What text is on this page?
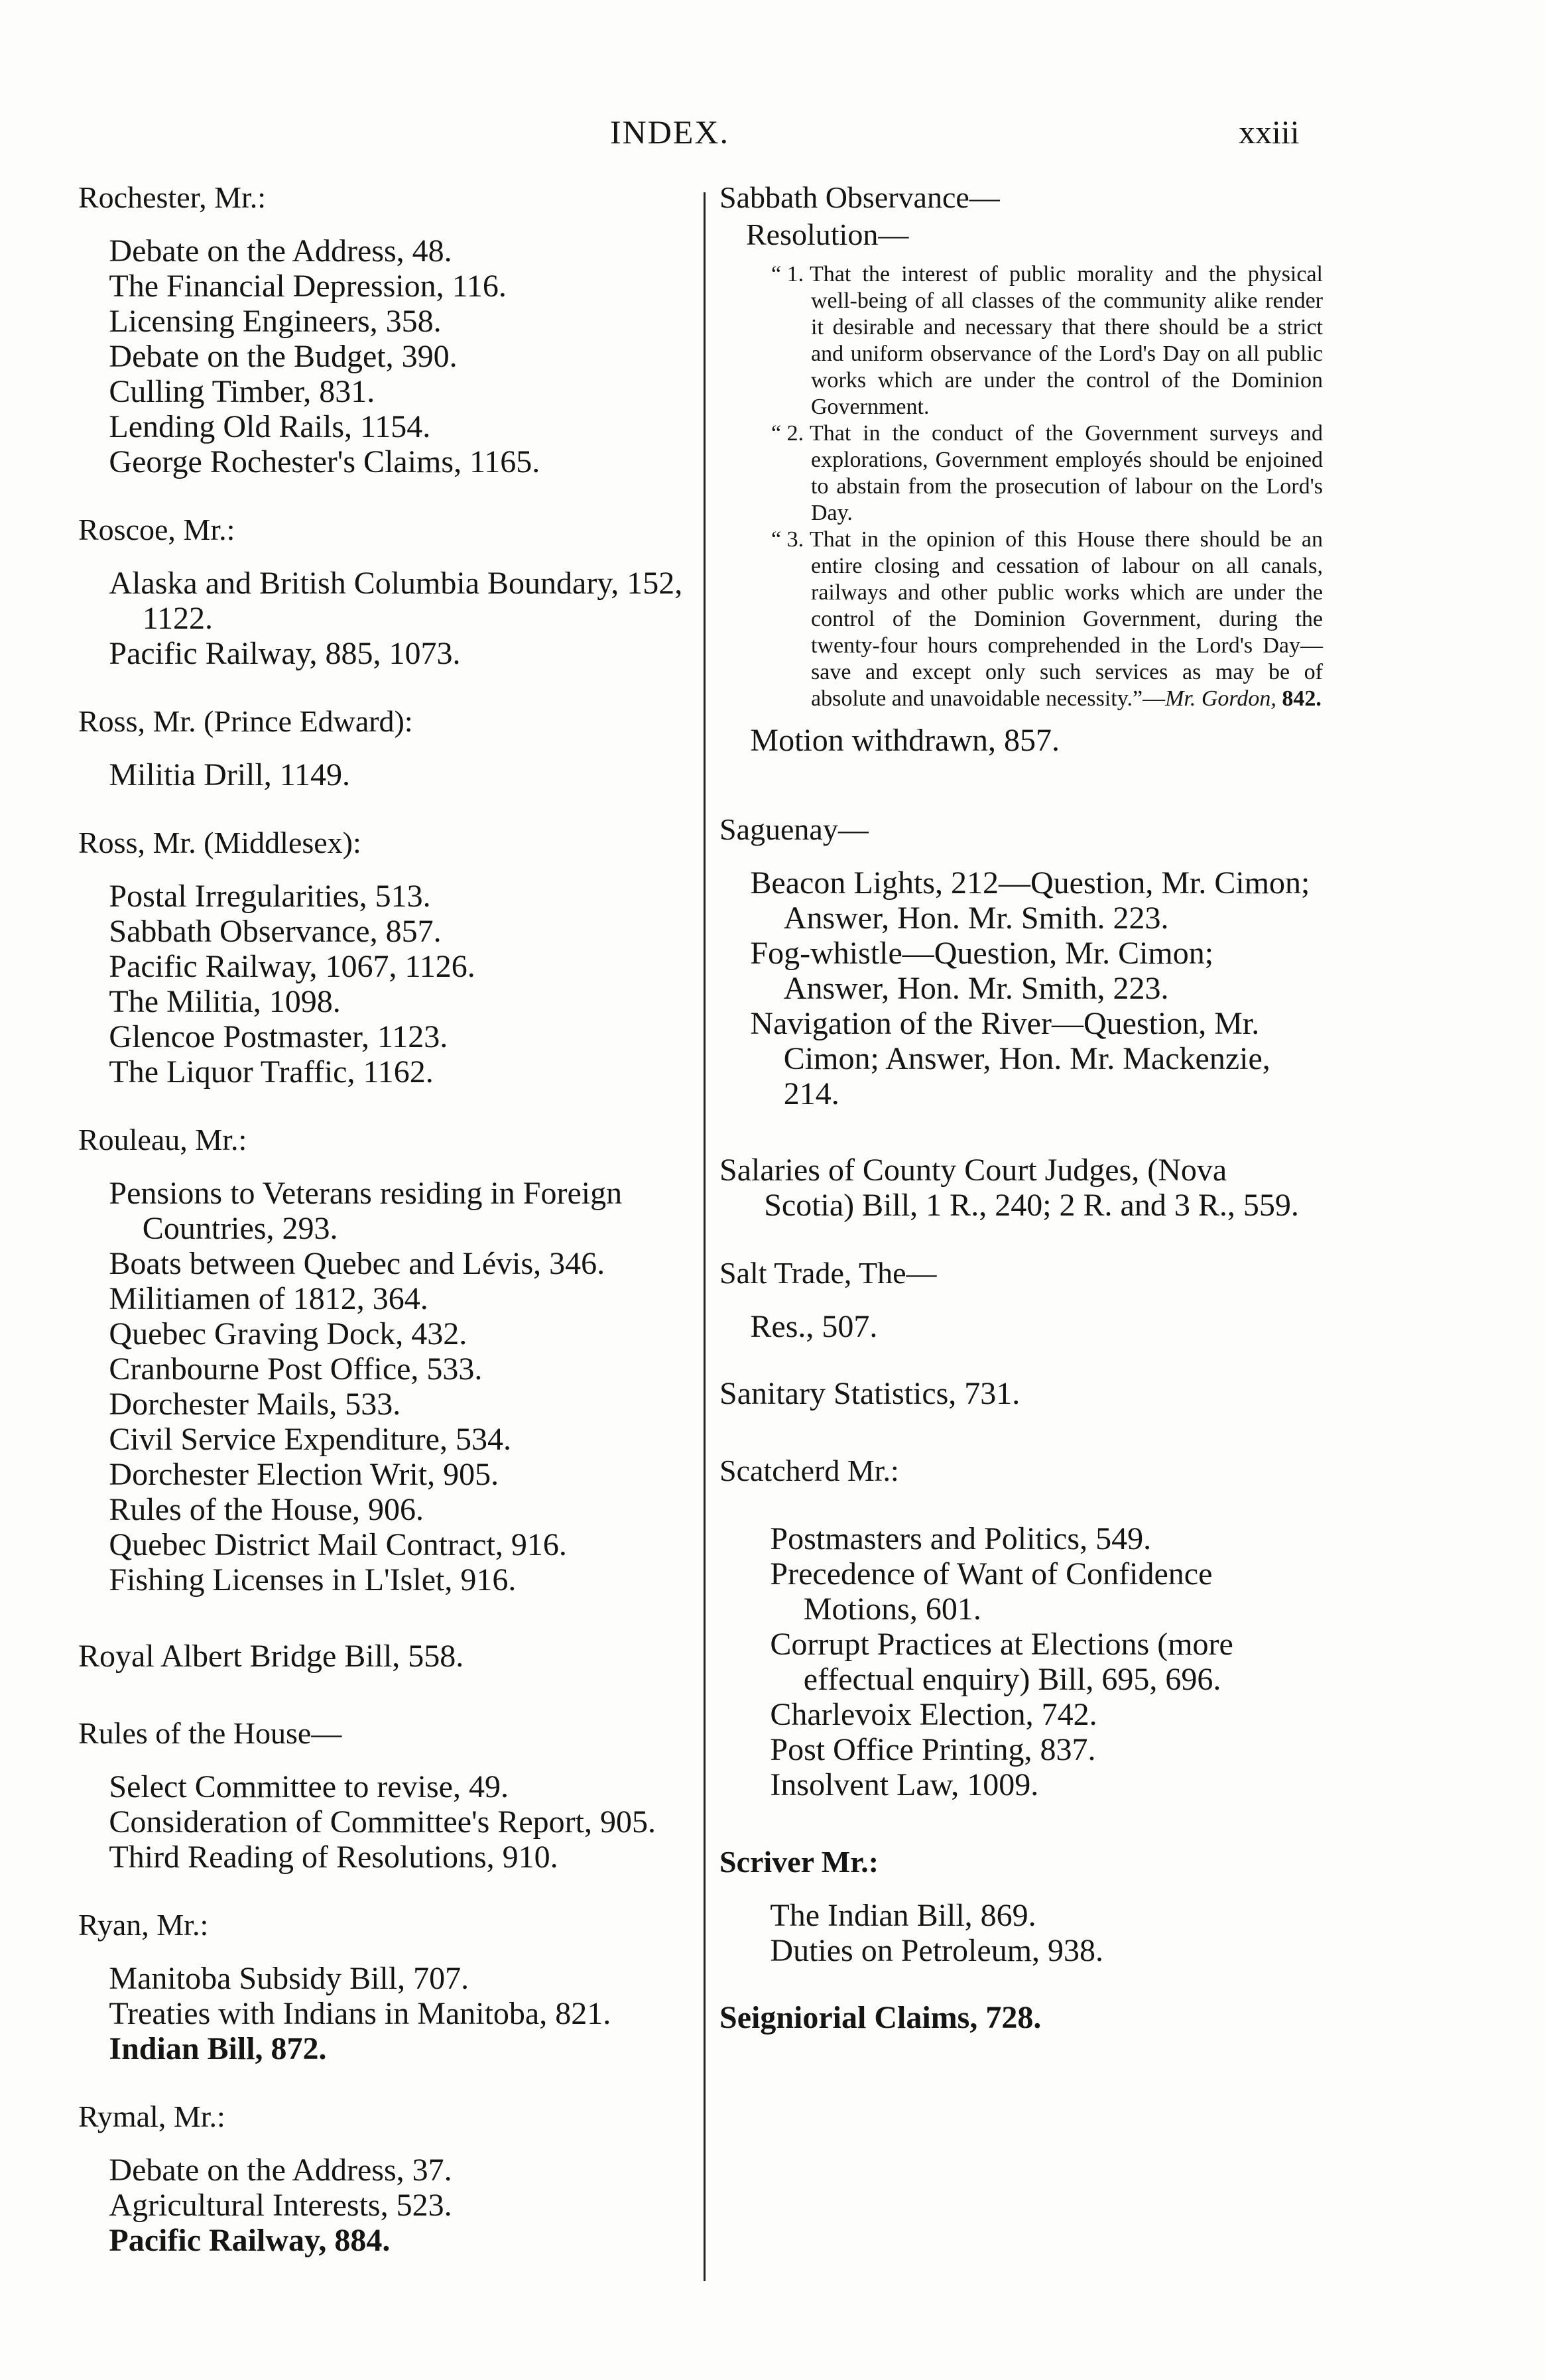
INDEX.	xxiii
Rochester, Mr.:
Debate on the Address, 48.
The Financial Depression, 116.
Licensing Engineers, 358.
Debate on the Budget, 390.
Culling Timber, 831.
Lending Old Rails, 1154.
George Rochester's Claims, 1165.
Roscoe, Mr.:
Alaska and British Columbia Boundary, 152, 1122.
Pacific Railway, 885, 1073.
Ross, Mr. (Prince Edward):
Militia Drill, 1149.
Ross, Mr. (Middlesex):
Postal Irregularities, 513.
Sabbath Observance, 857.
Pacific Railway, 1067, 1126.
The Militia, 1098.
Glencoe Postmaster, 1123.
The Liquor Traffic, 1162.
Rouleau, Mr.:
Pensions to Veterans residing in Foreign Countries, 293.
Boats between Quebec and Lévis, 346.
Militiamen of 1812, 364.
Quebec Graving Dock, 432.
Cranbourne Post Office, 533.
Dorchester Mails, 533.
Civil Service Expenditure, 534.
Dorchester Election Writ, 905.
Rules of the House, 906.
Quebec District Mail Contract, 916.
Fishing Licenses in L'Islet, 916.
Royal Albert Bridge Bill, 558.
Rules of the House—
Select Committee to revise, 49.
Consideration of Committee's Report, 905.
Third Reading of Resolutions, 910.
Ryan, Mr.:
Manitoba Subsidy Bill, 707.
Treaties with Indians in Manitoba, 821.
Indian Bill, 872.
Rymal, Mr.:
Debate on the Address, 37.
Agricultural Interests, 523.
Pacific Railway, 884.
Sabbath Observance—
Resolution—
“ 1. That the interest of public morality and the physical well-being of all classes of the community alike render it desirable and necessary that there should be a strict and uniform observance of the Lord's Day on all public works which are under the control of the Dominion Government.
“ 2. That in the conduct of the Government surveys and explorations, Government employés should be enjoined to abstain from the prosecution of labour on the Lord's Day.
“ 3. That in the opinion of this House there should be an entire closing and cessation of labour on all canals, railways and other public works which are under the control of the Dominion Government, during the twenty-four hours comprehended in the Lord's Day—save and except only such services as may be of absolute and unavoidable necessity.”—Mr. Gordon, 842.
Motion withdrawn, 857.
Saguenay—
Beacon Lights, 212—Question, Mr. Cimon; Answer, Hon. Mr. Smith. 223.
Fog-whistle—Question, Mr. Cimon; Answer, Hon. Mr. Smith, 223.
Navigation of the River—Question, Mr. Cimon; Answer, Hon. Mr. Mackenzie, 214.
Salaries of County Court Judges, (Nova Scotia) Bill, 1 R., 240; 2 R. and 3 R., 559.
Salt Trade, The—
Res., 507.
Sanitary Statistics, 731.
Scatcherd Mr.:
Postmasters and Politics, 549.
Precedence of Want of Confidence Motions, 601.
Corrupt Practices at Elections (more effectual enquiry) Bill, 695, 696.
Charlevoix Election, 742.
Post Office Printing, 837.
Insolvent Law, 1009.
Scriver Mr.:
The Indian Bill, 869.
Duties on Petroleum, 938.
Seigniorial Claims, 728.
